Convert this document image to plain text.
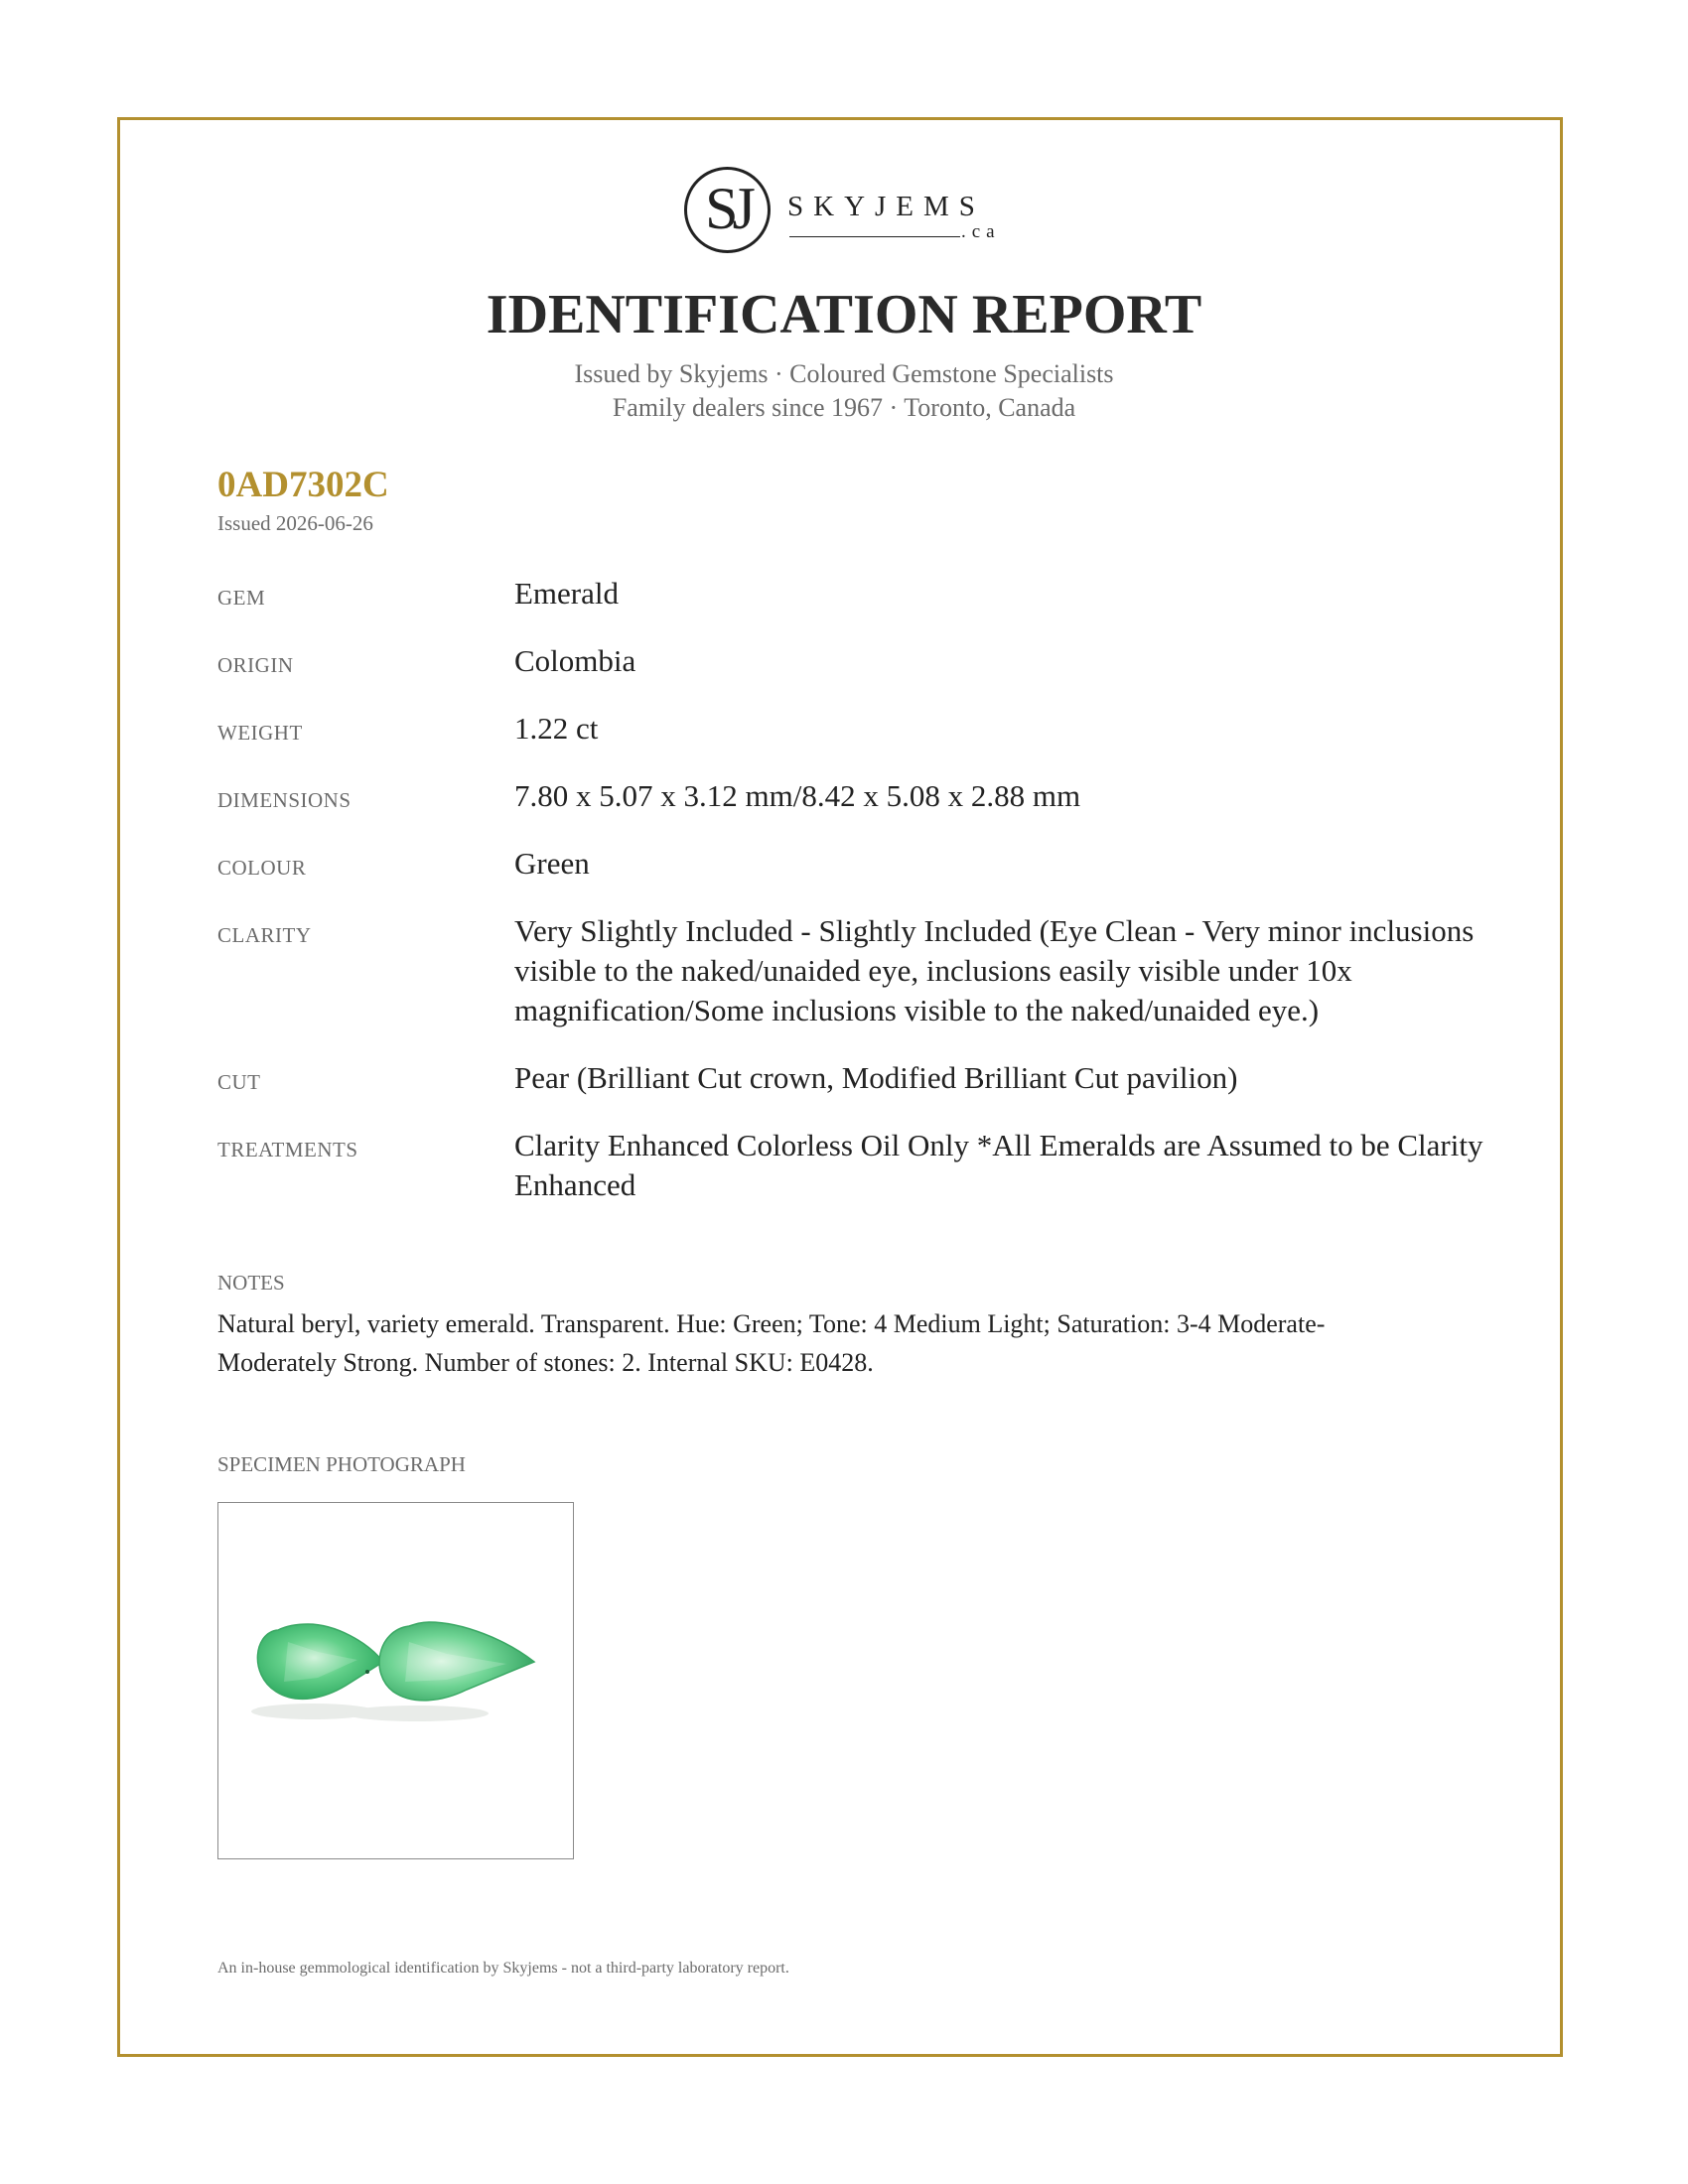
SJ	SKYJEMS
.ca
IDENTIFICATION REPORT
Issued by Skyjems · Coloured Gemstone Specialists
Family dealers since 1967 · Toronto, Canada
0AD7302C
Issued 2026-06-26
GEM	Emerald
ORIGIN	Colombia
WEIGHT	1.22 ct
DIMENSIONS	7.80 x 5.07 x 3.12 mm/8.42 x 5.08 x 2.88 mm
COLOUR	Green
CLARITY	Very Slightly Included - Slightly Included (Eye Clean - Very minor inclusions visible to the naked/unaided eye, inclusions easily visible under 10x magnification/Some inclusions visible to the naked/unaided eye.)
CUT	Pear (Brilliant Cut crown, Modified Brilliant Cut pavilion)
TREATMENTS	Clarity Enhanced Colorless Oil Only *All Emeralds are Assumed to be Clarity Enhanced
NOTES
Natural beryl, variety emerald. Transparent. Hue: Green; Tone: 4 Medium Light; Saturation: 3-4 Moderate-Moderately Strong. Number of stones: 2. Internal SKU: E0428.
SPECIMEN PHOTOGRAPH
An in-house gemmological identification by Skyjems - not a third-party laboratory report.
